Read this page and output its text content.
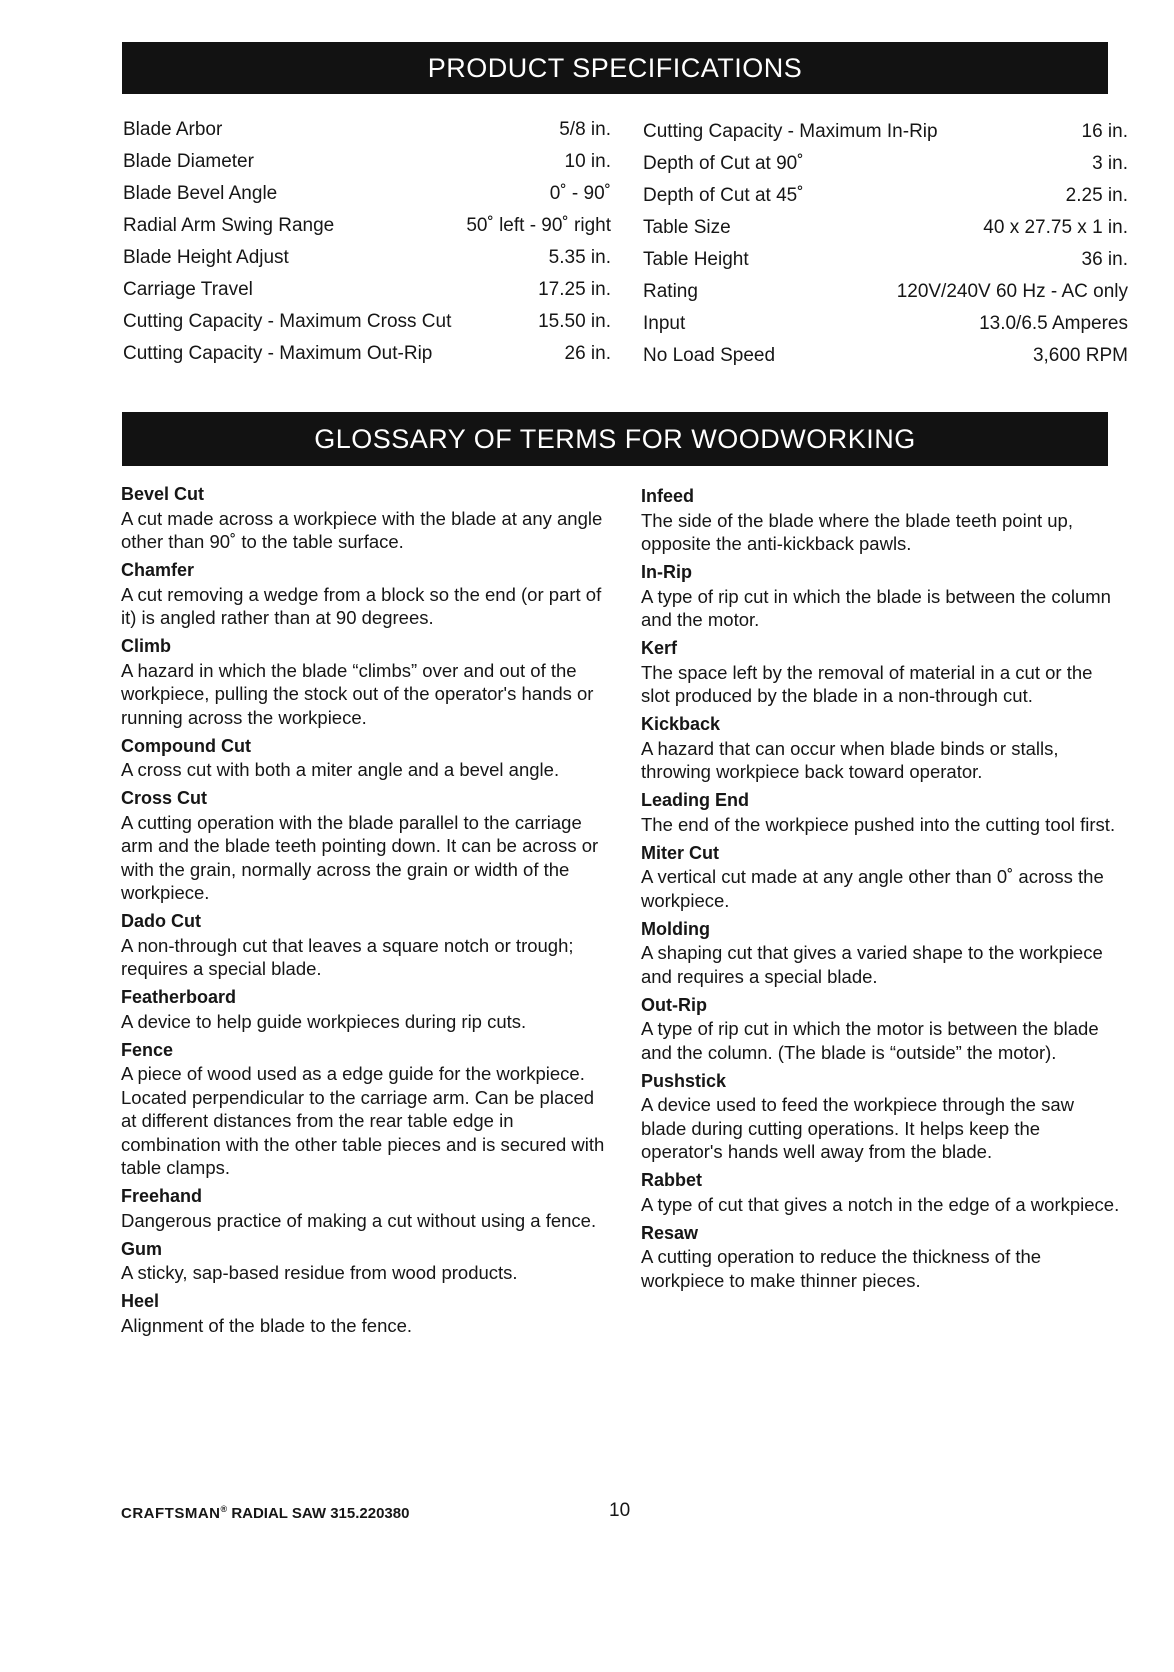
PRODUCT SPECIFICATIONS
Blade Arbor	5/8 in.
Blade Diameter	10 in.
Blade Bevel Angle	0˚ - 90˚
Radial Arm Swing Range	50˚ left - 90˚ right
Blade Height Adjust	5.35 in.
Carriage Travel	17.25 in.
Cutting Capacity - Maximum Cross Cut	15.50 in.
Cutting Capacity - Maximum Out-Rip	26 in.
Cutting Capacity - Maximum In-Rip	16 in.
Depth of Cut at 90˚	3 in.
Depth of Cut at 45˚	2.25 in.
Table Size	40 x 27.75 x 1 in.
Table Height	36 in.
Rating	120V/240V 60 Hz - AC only
Input	13.0/6.5 Amperes
No Load Speed	3,600 RPM
GLOSSARY OF TERMS FOR WOODWORKING
Bevel Cut
A cut made across a workpiece with the blade at any angle other than 90˚ to the table surface.
Chamfer
A cut removing a wedge from a block so the end (or part of it) is angled rather than at 90 degrees.
Climb
A hazard in which the blade “climbs” over and out of the workpiece, pulling the stock out of the operator's hands or running across the workpiece.
Compound Cut
A cross cut with both a miter angle and a bevel angle.
Cross Cut
A cutting operation with the blade parallel to the carriage arm and the blade teeth pointing down. It can be across or with the grain, normally across the grain or width of the workpiece.
Dado Cut
A non-through cut that leaves a square notch or trough; requires a special blade.
Featherboard
A device to help guide workpieces during rip cuts.
Fence
A piece of wood used as a edge guide for the workpiece. Located perpendicular to the carriage arm. Can be placed at different distances from the rear table edge in combination with the other table pieces and is secured with table clamps.
Freehand
Dangerous practice of making a cut without using a fence.
Gum
A sticky, sap-based residue from wood products.
Heel
Alignment of the blade to the fence.
Infeed
The side of the blade where the blade teeth point up, opposite the anti-kickback pawls.
In-Rip
A type of rip cut in which the blade is between the column and the motor.
Kerf
The space left by the removal of material in a cut or the slot produced by the blade in a non-through cut.
Kickback
A hazard that can occur when blade binds or stalls, throwing workpiece back toward operator.
Leading End
The end of the workpiece pushed into the cutting tool first.
Miter Cut
A vertical cut made at any angle other than 0˚ across the workpiece.
Molding
A shaping cut that gives a varied shape to the workpiece and requires a special blade.
Out-Rip
A type of rip cut in which the motor is between the blade and the column. (The blade is “outside” the motor).
Pushstick
A device used to feed the workpiece through the saw blade during cutting operations. It helps keep the operator's hands well away from the blade.
Rabbet
A type of cut that gives a notch in the edge of a workpiece.
Resaw
A cutting operation to reduce the thickness of the workpiece to make thinner pieces.
CRAFTSMAN® RADIAL SAW 315.220380	10
